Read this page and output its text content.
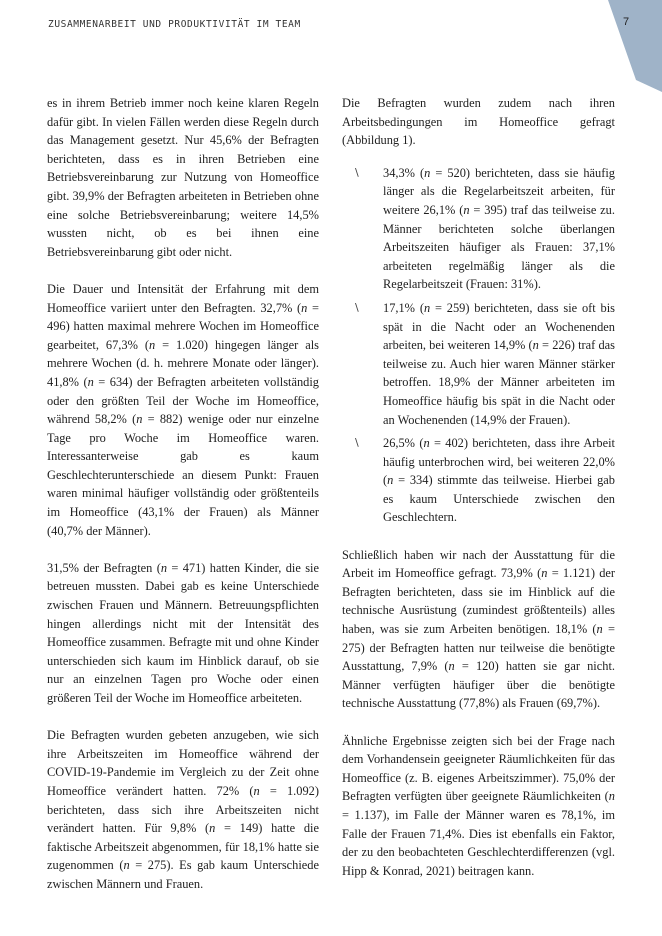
ZUSAMMENARBEIT UND PRODUKTIVITÄT IM TEAM	7

es in ihrem Betrieb immer noch keine klaren Regeln dafür gibt. In vielen Fällen werden diese Regeln durch das Management gesetzt. Nur 45,6% der Befragten berichteten, dass es in ihren Betrieben eine Betriebsvereinbarung zur Nutzung von Homeoffice gibt. 39,9% der Befragten arbeiteten in Betrieben ohne eine solche Betriebsvereinbarung; weitere 14,5% wussten nicht, ob es bei ihnen eine Betriebsvereinbarung gibt oder nicht.

Die Dauer und Intensität der Erfahrung mit dem Homeoffice variiert unter den Befragten. 32,7% (n = 496) hatten maximal mehrere Wochen im Homeoffice gearbeitet, 67,3% (n = 1.020) hingegen länger als mehrere Wochen (d. h. mehrere Monate oder länger). 41,8% (n = 634) der Befragten arbeiteten vollständig oder den größten Teil der Woche im Homeoffice, während 58,2% (n = 882) wenige oder nur einzelne Tage pro Woche im Homeoffice waren. Interessanterweise gab es kaum Geschlechterunterschiede an diesem Punkt: Frauen waren minimal häufiger vollständig oder größtenteils im Homeoffice (43,1% der Frauen) als Männer (40,7% der Männer).

31,5% der Befragten (n = 471) hatten Kinder, die sie betreuen mussten. Dabei gab es keine Unterschiede zwischen Frauen und Männern. Betreuungspflichten hingen allerdings nicht mit der Intensität des Homeoffice zusammen. Befragte mit und ohne Kinder unterschieden sich kaum im Hinblick darauf, ob sie nur an einzelnen Tagen pro Woche oder einen größeren Teil der Woche im Homeoffice arbeiteten.

Die Befragten wurden gebeten anzugeben, wie sich ihre Arbeitszeiten im Homeoffice während der COVID-19-Pandemie im Vergleich zu der Zeit ohne Homeoffice verändert hatten. 72% (n = 1.092) berichteten, dass sich ihre Arbeitszeiten nicht verändert hatten. Für 9,8% (n = 149) hatte die faktische Arbeitszeit abgenommen, für 18,1% hatte sie zugenommen (n = 275). Es gab kaum Unterschiede zwischen Männern und Frauen.

Die Befragten wurden zudem nach ihren Arbeitsbedingungen im Homeoffice gefragt (Abbildung 1).

\ 34,3% (n = 520) berichteten, dass sie häufig länger als die Regelarbeitszeit arbeiten, für weitere 26,1% (n = 395) traf das teilweise zu. Männer berichteten solche überlangen Arbeitszeiten häufiger als Frauen: 37,1% arbeiteten regelmäßig länger als die Regelarbeitszeit (Frauen: 31%).
\ 17,1% (n = 259) berichteten, dass sie oft bis spät in die Nacht oder an Wochenenden arbeiten, bei weiteren 14,9% (n = 226) traf das teilweise zu. Auch hier waren Männer stärker betroffen. 18,9% der Männer arbeiteten im Homeoffice häufig bis spät in die Nacht oder an Wochenenden (14,9% der Frauen).
\ 26,5% (n = 402) berichteten, dass ihre Arbeit häufig unterbrochen wird, bei weiteren 22,0% (n = 334) stimmte das teilweise. Hierbei gab es kaum Unterschiede zwischen den Geschlechtern.

Schließlich haben wir nach der Ausstattung für die Arbeit im Homeoffice gefragt. 73,9% (n = 1.121) der Befragten berichteten, dass sie im Hinblick auf die technische Ausrüstung (zumindest größtenteils) alles haben, was sie zum Arbeiten benötigen. 18,1% (n = 275) der Befragten hatten nur teilweise die benötigte Ausstattung, 7,9% (n = 120) hatten sie gar nicht. Männer verfügten häufiger über die benötigte technische Ausstattung (77,8%) als Frauen (69,7%).

Ähnliche Ergebnisse zeigten sich bei der Frage nach dem Vorhandensein geeigneter Räumlichkeiten für das Homeoffice (z. B. eigenes Arbeitszimmer). 75,0% der Befragten verfügten über geeignete Räumlichkeiten (n = 1.137), im Falle der Männer waren es 78,1%, im Falle der Frauen 71,4%. Dies ist ebenfalls ein Faktor, der zu den beobachteten Geschlechterdifferenzen (vgl. Hipp & Konrad, 2021) beitragen kann.
